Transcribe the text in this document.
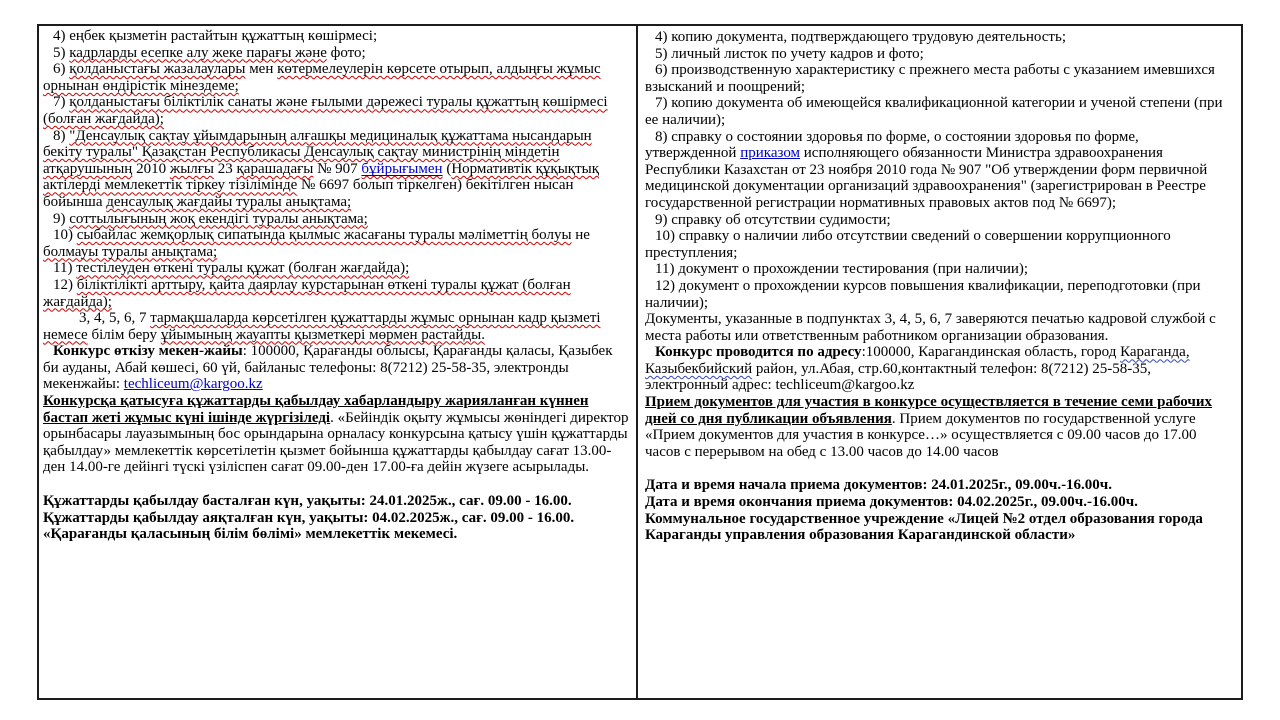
4) еңбек қызметін растайтын құжаттың көшірмесі;

5) кадрларды есепке алу жеке парағы және фото;

6) қолданыстағы жазалаулары мен көтермелеулерін көрсете отырып, алдыңғы жұмыс орнынан өндірістік мінездеме;

7) қолданыстағы біліктілік санаты және ғылыми дәрежесі туралы құжаттың көшірмесі (болған жағдайда);

8) "Денсаулық сақтау ұйымдарының алғашқы медициналық құжаттама нысандарын бекіту туралы" Қазақстан Республикасы Денсаулық сақтау министрінің міндетін атқарушының 2010 жылғы 23 қарашадағы № 907 бұйрығымен (Нормативтік құқықтық актілерді мемлекеттік тіркеу тізілімінде № 6697 болып тіркелген) бекітілген нысан бойынша денсаулық жағдайы туралы анықтама;

9) соттылығының жоқ екендігі туралы анықтама;

10) сыбайлас жемқорлық сипатында қылмыс жасағаны туралы мәліметтің болуы не болмауы туралы анықтама;

11) тестілеуден өткені туралы құжат (болған жағдайда);

12) біліктілікті арттыру, қайта даярлау курстарынан өткені туралы құжат (болған жағдайда);

3, 4, 5, 6, 7 тармақшаларда көрсетілген құжаттарды жұмыс орнынан кадр қызметі немесе білім беру ұйымының жауапты қызметкері мөрмен растайды.

Конкурс өткізу мекен-жайы: 100000, Қарағанды облысы, Қарағанды қаласы, Қазыбек би ауданы, Абай көшесі, 60 үй, байланыс телефоны: 8(7212) 25-58-35, электронды мекенжайы: techliceum@kargoo.kz

Конкурсқа қатысуға құжаттарды қабылдау хабарландыру жарияланған күннен бастап жеті жұмыс күні ішінде жүргізіледі. «Бейіндік оқыту жұмысы жөніндегі директор орынбасары лауазымының бос орындарына орналасу конкурсына қатысу үшін құжаттарды қабылдау» мемлекеттік көрсетілетін қызмет бойынша құжаттарды қабылдау сағат 13.00-ден 14.00-ге дейінгі түскі үзіліспен сағат 09.00-ден 17.00-ға дейін жүзеге асырылады.

Құжаттарды қабылдау басталған күн, уақыты: 24.01.2025ж., сағ. 09.00 - 16.00.

Құжаттарды қабылдау аяқталған күн, уақыты: 04.02.2025ж., сағ. 09.00 - 16.00.

«Қарағанды қаласының білім бөлімі» мемлекеттік мекемесі.

4) копию документа, подтверждающего трудовую деятельность;

5) личный листок по учету кадров и фото;

6) производственную характеристику с прежнего места работы с указанием имевшихся взысканий и поощрений;

7) копию документа об имеющейся квалификационной категории и ученой степени (при ее наличии);

8) справку о состоянии здоровья по форме, о состоянии здоровья по форме, утвержденной приказом исполняющего обязанности Министра здравоохранения Республики Казахстан от 23 ноября 2010 года № 907 "Об утверждении форм первичной медицинской документации организаций здравоохранения" (зарегистрирован в Реестре государственной регистрации нормативных правовых актов под № 6697);

9) справку об отсутствии судимости;

10) справку о наличии либо отсутствии сведений о совершении коррупционного преступления;

11) документ о прохождении тестирования (при наличии);

12) документ о прохождении курсов повышения квалификации, переподготовки (при наличии);

Документы, указанные в подпунктах 3, 4, 5, 6, 7 заверяются печатью кадровой службой с места работы или ответственным работником организации образования.

Конкурс проводится по адресу:100000, Карагандинская область, город Караганда, Казыбекбийский район, ул.Абая, стр.60,контактный телефон: 8(7212) 25-58-35, электронный адрес: techliceum@kargoo.kz

Прием документов для участия в конкурсе осуществляется в течение семи рабочих дней со дня публикации объявления. Прием документов по государственной услуге «Прием документов для участия в конкурсе…» осуществляется с 09.00 часов до 17.00 часов с перерывом на обед с 13.00 часов до 14.00 часов

Дата и время начала приема документов: 24.01.2025г., 09.00ч.-16.00ч.

Дата и время окончания приема документов: 04.02.2025г., 09.00ч.-16.00ч.

Коммунальное государственное учреждение «Лицей №2 отдел образования города Караганды управления образования Карагандинской области»
